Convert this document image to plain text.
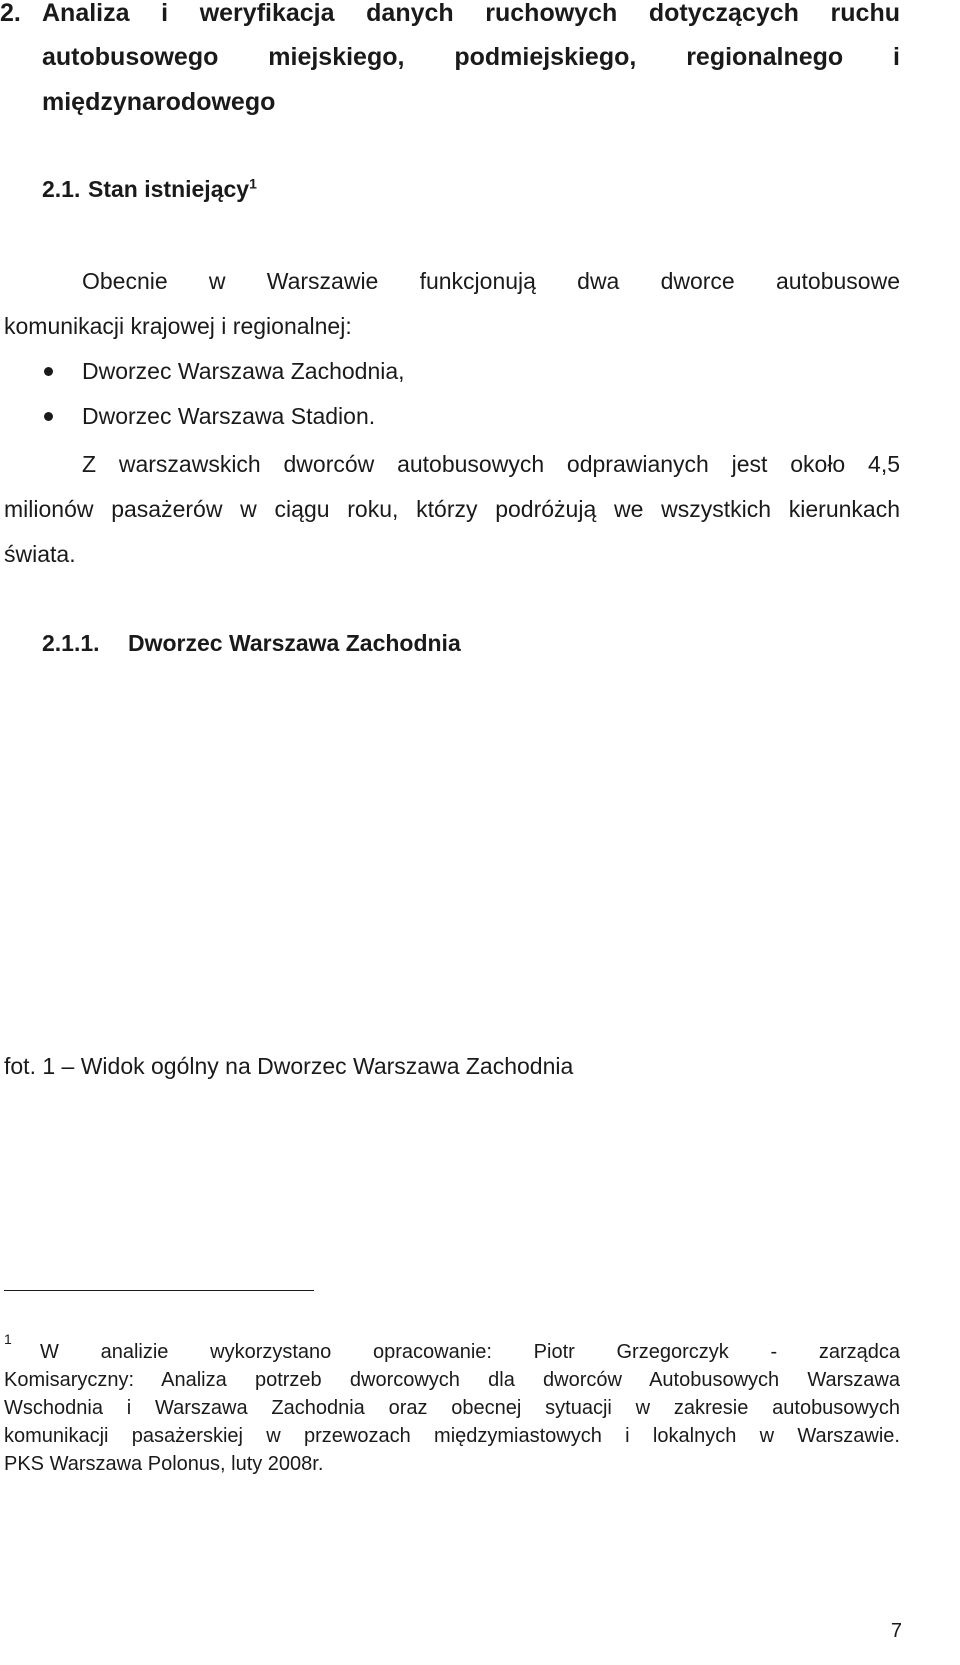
2. Analiza i weryfikacja danych ruchowych dotyczących ruchu
autobusowego miejskiego, podmiejskiego, regionalnego i
międzynarodowego
2.1. Stan istniejący$^1$
Obecnie w Warszawie funkcjonują dwa dworce autobusowe
komunikacji krajowej i regionalnej:
Dworzec Warszawa Zachodnia,
Dworzec Warszawa Stadion.
Z warszawskich dworców autobusowych odprawianych jest około 4,5
milionów pasażerów w ciągu roku, którzy podróżują we wszystkich kierunkach
świata.
2.1.1. Dworzec Warszawa Zachodnia
fot. 1 – Widok ogólny na Dworzec Warszawa Zachodnia
1
W analizie wykorzystano opracowanie: Piotr Grzegorczyk - zarządca
Komisaryczny: Analiza potrzeb dworcowych dla dworców Autobusowych Warszawa
Wschodnia i Warszawa Zachodnia oraz obecnej sytuacji w zakresie autobusowych
komunikacji pasażerskiej w przewozach międzymiastowych i lokalnych w Warszawie.
PKS Warszawa Polonus, luty 2008r.
7
